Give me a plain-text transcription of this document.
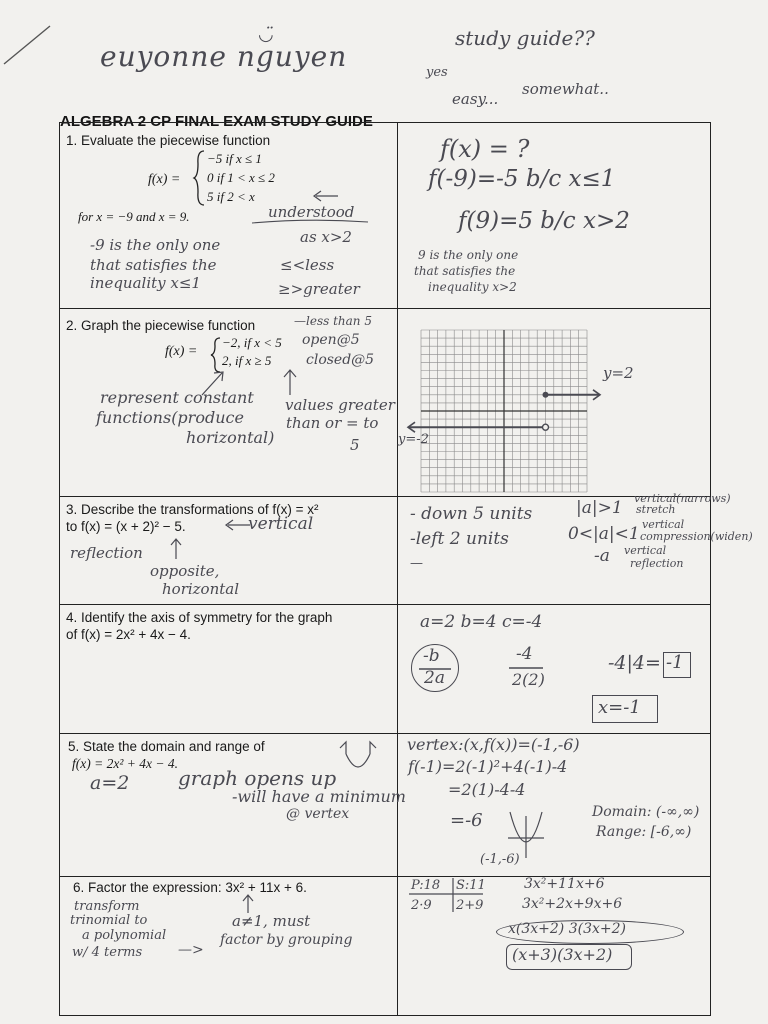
euyonne nguyen
◡̈	study guide??
yes
easy...
somewhat..
ALGEBRA 2 CP FINAL EXAM STUDY GUIDE
1. Evaluate the piecewise function
f(x) =
−5 if x ≤ 1
0 if 1 < x ≤ 2
5 if 2 < x
for x = −9 and x = 9.	understood
as x>2
≤<less
≥>greater
-9 is the only one
that satisfies the
inequality x≤1
f(x) = ?
f(-9)=-5 b/c x≤1
f(9)=5 b/c x>2
9 is the only one
that satisfies the
inequality x>2
2. Graph the piecewise function	—less than 5
f(x) =
−2, if x < 5
2, if x ≥ 5
open@5
closed@5
represent constant
functions(produce
horizontal)
values greater
than or = to
5
y=2
y=-2
3. Describe the transformations of f(x) = x²
to f(x) = (x + 2)² − 5.	vertical
reflection
opposite,
horizontal
- down 5 units
-left 2 units
—
|a|>1 vertical(narrows)
stretch
0<|a|<1 vertical
compression(widen)
-a vertical
reflection
4. Identify the axis of symmetry for the graph
of f(x) = 2x² + 4x − 4.
a=2 b=4 c=-4
-b
2a
-4
2(2)
-4|4= -1
x=-1
5. State the domain and range of
f(x) = 2x² + 4x − 4.
a=2 graph opens up
-will have a minimum
@ vertex
vertex:(x,f(x))=(-1,-6)
f(-1)=2(-1)²+4(-1)-4
=2(1)-4-4
=-6
(-1,-6)
Domain: (-∞,∞)
Range: [-6,∞)
6. Factor the expression: 3x² + 11x + 6.
transform
trinomial to
a polynomial
w/ 4 terms	—>
a≠1, must
factor by grouping
P:18 S:11
2·9 2+9
3x²+11x+6
3x²+2x+9x+6
x(3x+2) 3(3x+2)
(x+3)(3x+2)
